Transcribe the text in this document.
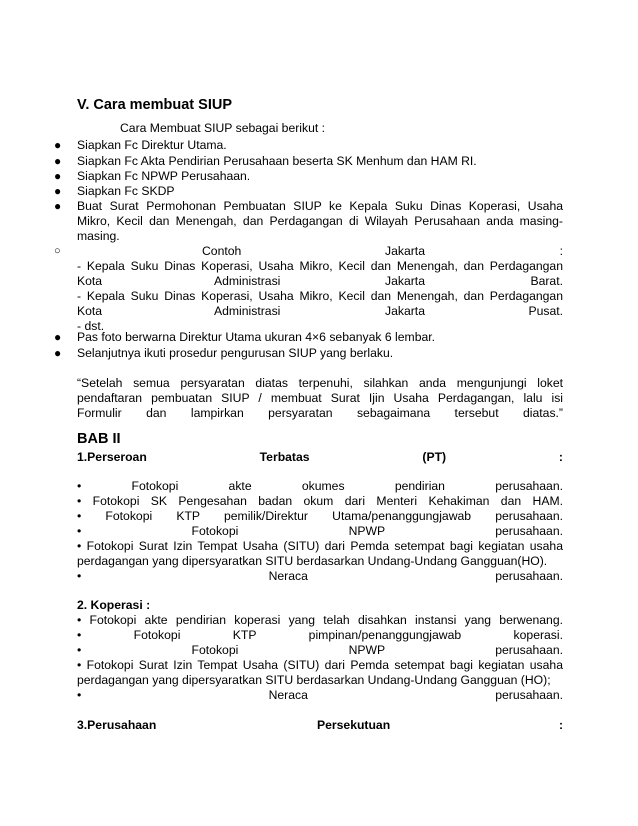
V. Cara membuat SIUP
Cara Membuat SIUP sebagai berikut :
● Siapkan Fc Direktur Utama.
● Siapkan Fc Akta Pendirian Perusahaan beserta SK Menhum dan HAM RI.
● Siapkan Fc NPWP Perusahaan.
● Siapkan Fc SKDP
● Buat Surat Permohonan Pembuatan SIUP ke Kepala Suku Dinas Koperasi, Usaha
Mikro, Kecil dan Menengah, dan Perdagangan di Wilayah Perusahaan anda masing-
masing.
○	Contoh	Jakarta	:
- Kepala Suku Dinas Koperasi, Usaha Mikro, Kecil dan Menengah, dan Perdagangan
Kota	Administrasi	Jakarta	Barat.
- Kepala Suku Dinas Koperasi, Usaha Mikro, Kecil dan Menengah, dan Perdagangan
Kota	Administrasi	Jakarta	Pusat.
- dst.
● Pas foto berwarna Direktur Utama ukuran 4×6 sebanyak 6 lembar.
● Selanjutnya ikuti prosedur pengurusan SIUP yang berlaku.
“Setelah semua persyaratan diatas terpenuhi, silahkan anda mengunjungi loket
pendaftaran pembuatan SIUP / membuat Surat Ijin Usaha Perdagangan, lalu isi
Formulir dan lampirkan persyaratan sebagaimana tersebut diatas.”
BAB II
1.Perseroan Terbatas (PT) :
• Fotokopi akte okumes pendirian perusahaan.
• Fotokopi SK Pengesahan badan okum dari Menteri Kehakiman dan HAM.
• Fotokopi KTP pemilik/Direktur Utama/penanggungjawab perusahaan.
• Fotokopi NPWP perusahaan.
• Fotokopi Surat Izin Tempat Usaha (SITU) dari Pemda setempat bagi kegiatan usaha
perdagangan yang dipersyaratkan SITU berdasarkan Undang-Undang Gangguan(HO).
• Neraca perusahaan.
2. Koperasi :
• Fotokopi akte pendirian koperasi yang telah disahkan instansi yang berwenang.
• Fotokopi KTP pimpinan/penanggungjawab koperasi.
• Fotokopi NPWP perusahaan.
• Fotokopi Surat Izin Tempat Usaha (SITU) dari Pemda setempat bagi kegiatan usaha
perdagangan yang dipersyaratkan SITU berdasarkan Undang-Undang Gangguan (HO);
• Neraca perusahaan.
3.Perusahaan	Persekutuan	:
